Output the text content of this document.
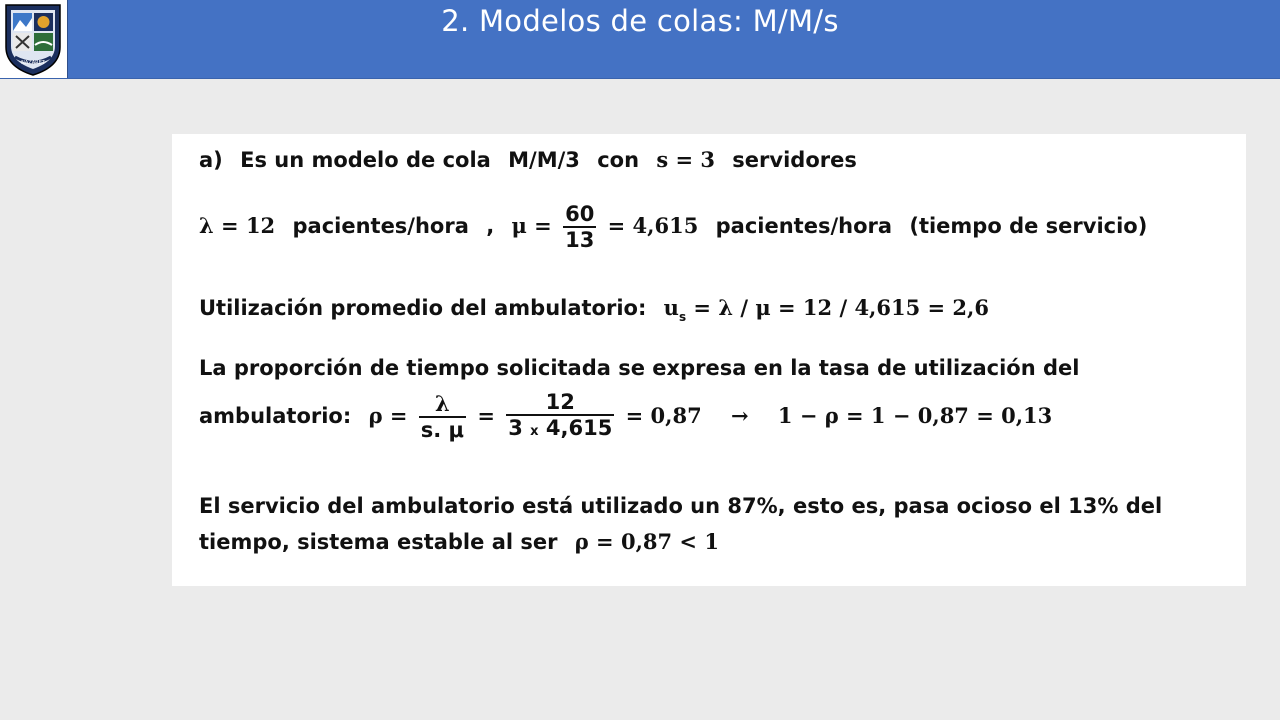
NAZARET
2. Modelos de colas: M/M/s
a) Es un modelo de cola M/M/3 con s = 3 servidores
λ = 12 pacientes/hora , $\mu = \frac{60}{13} = 4,615$ pacientes/hora (tiempo de servicio)
Utilización promedio del ambulatorio: $u_s = \lambda / \mu = 12 / 4,615 = 2,6$
La proporción de tiempo solicitada se expresa en la tasa de utilización del
ambulatorio: $\rho = \frac{\lambda}{s. \mu} = \frac{12}{3 x 4,615} = 0,87 \to 1 - \rho = 1 - 0,87 = 0,13$
El servicio del ambulatorio está utilizado un 87%, esto es, pasa ocioso el 13% del
tiempo, sistema estable al ser ρ = 0,87 < 1
